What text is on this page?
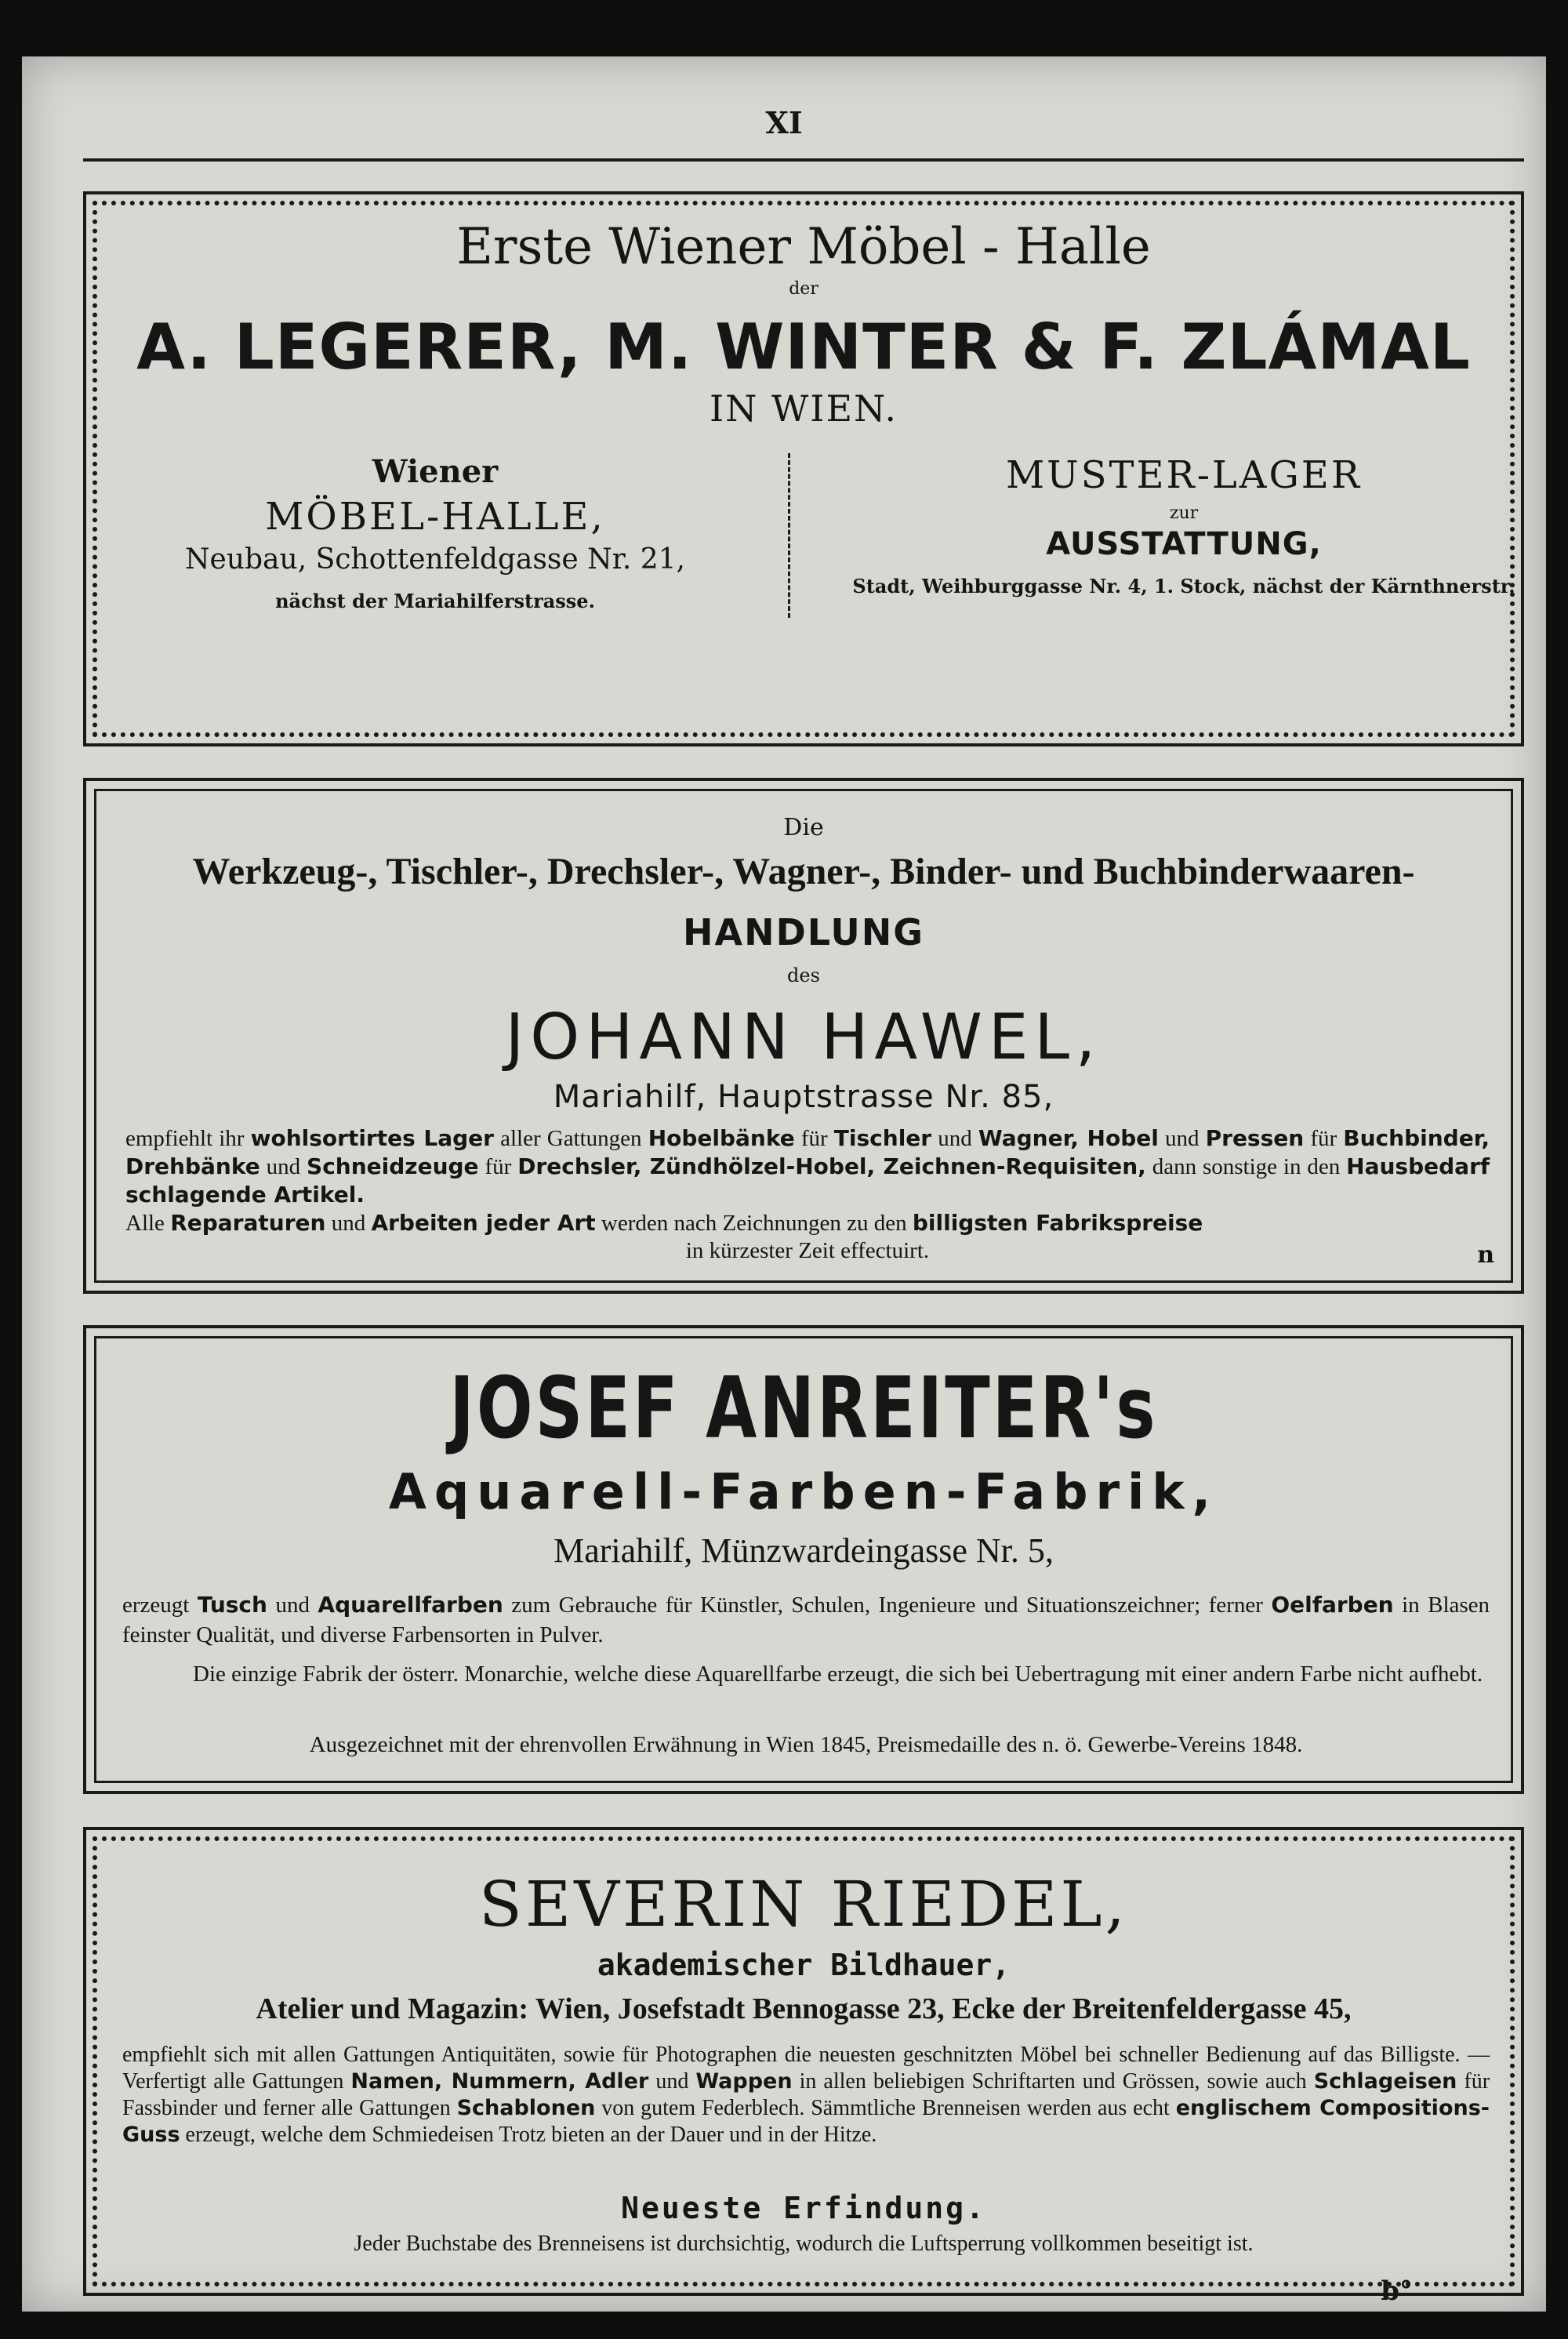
XI
Erste Wiener Möbel - Halle
der
A. LEGERER, M. WINTER & F. ZLÁMAL
IN WIEN.
Wiener
MÖBEL-HALLE,
Neubau, Schottenfeldgasse Nr. 21,
nächst der Mariahilferstrasse.
MUSTER-LAGER
zur
AUSSTATTUNG,
Stadt, Weihburggasse Nr. 4, 1. Stock, nächst der Kärnthnerstr.
Die
Werkzeug-, Tischler-, Drechsler-, Wagner-, Binder- und Buchbinderwaaren-
HANDLUNG
des
JOHANN HAWEL,
Mariahilf, Hauptstrasse Nr. 85,
empfiehlt ihr wohlsortirtes Lager aller Gattungen Hobelbänke für Tischler und Wagner, Hobel und Pressen für Buchbinder, Drehbänke und Schneidzeuge für Drechsler, Zündhölzel-Hobel, Zeichnen-Requisiten, dann sonstige in den Hausbedarf schlagende Artikel.
Alle Reparaturen und Arbeiten jeder Art werden nach Zeichnungen zu den billigsten Fabrikspreise
in kürzester Zeit effectuirt.	n
JOSEF ANREITER's
Aquarell-Farben-Fabrik,
Mariahilf, Münzwardeingasse Nr. 5,
erzeugt Tusch und Aquarellfarben zum Gebrauche für Künstler, Schulen, Ingenieure und Situationszeichner; ferner Oelfarben in Blasen feinster Qualität, und diverse Farbensorten in Pulver.
Die einzige Fabrik der österr. Monarchie, welche diese Aquarellfarbe erzeugt, die sich bei Uebertragung mit einer andern Farbe nicht aufhebt.
Ausgezeichnet mit der ehrenvollen Erwähnung in Wien 1845, Preismedaille des n. ö. Gewerbe-Vereins 1848.
SEVERIN RIEDEL,
akademischer Bildhauer,
Atelier und Magazin: Wien, Josefstadt Bennogasse 23, Ecke der Breitenfeldergasse 45,
empfiehlt sich mit allen Gattungen Antiquitäten, sowie für Photographen die neuesten geschnitzten Möbel bei schneller Bedienung auf das Billigste. — Verfertigt alle Gattungen Namen, Nummern, Adler und Wappen in allen beliebigen Schriftarten und Grössen, sowie auch Schlageisen für Fassbinder und ferner alle Gattungen Schablonen von gutem Federblech. Sämmtliche Brenneisen werden aus echt englischem Compositions-Guss erzeugt, welche dem Schmiedeisen Trotz bieten an der Dauer und in der Hitze.
Neueste Erfindung.
Jeder Buchstabe des Brenneisens ist durchsichtig, wodurch die Luftsperrung vollkommen beseitigt ist.
b°
